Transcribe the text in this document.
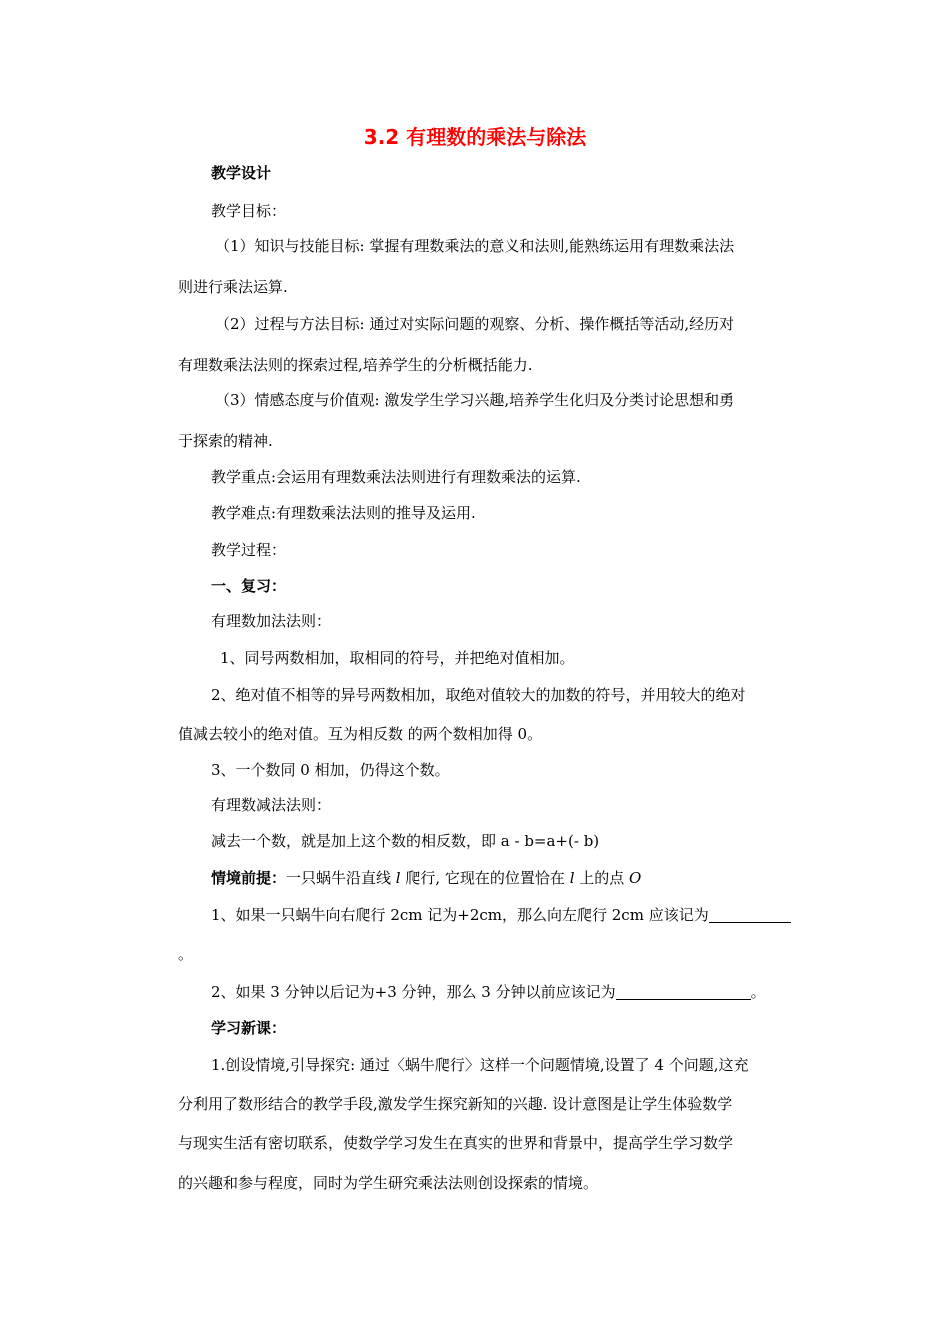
3.2 有理数的乘法与除法
教学设计
教学目标：
（1）知识与技能目标: 掌握有理数乘法的意义和法则,能熟练运用有理数乘法法
则进行乘法运算.
（2）过程与方法目标: 通过对实际问题的观察、分析、操作概括等活动,经历对
有理数乘法法则的探索过程,培养学生的分析概括能力.
（3）情感态度与价值观: 激发学生学习兴趣,培养学生化归及分类讨论思想和勇
于探索的精神.
教学重点:会运用有理数乘法法则进行有理数乘法的运算.
教学难点:有理数乘法法则的推导及运用.
教学过程：
一、复习：
有理数加法法则：
1、同号两数相加，取相同的符号，并把绝对值相加。
2、绝对值不相等的异号两数相加，取绝对值较大的加数的符号，并用较大的绝对
值减去较小的绝对值。互为相反数 的两个数相加得 0。
3、一个数同 0 相加，仍得这个数。
有理数减法法则：
减去一个数，就是加上这个数的相反数，即 a - b=a+(- b)
情境前提：一只蜗牛沿直线 l 爬行, 它现在的位置恰在 l 上的点 O
1、如果一只蜗牛向右爬行 2cm 记为+2cm，那么向左爬行 2cm 应该记为
。
2、如果 3 分钟以后记为+3 分钟，那么 3 分钟以前应该记为	。
学习新课：
1.创设情境,引导探究: 通过〈蜗牛爬行〉这样一个问题情境,设置了 4 个问题,这充
分利用了数形结合的教学手段,激发学生探究新知的兴趣. 设计意图是让学生体验数学
与现实生活有密切联系，使数学学习发生在真实的世界和背景中，提高学生学习数学
的兴趣和参与程度，同时为学生研究乘法法则创设探索的情境。
